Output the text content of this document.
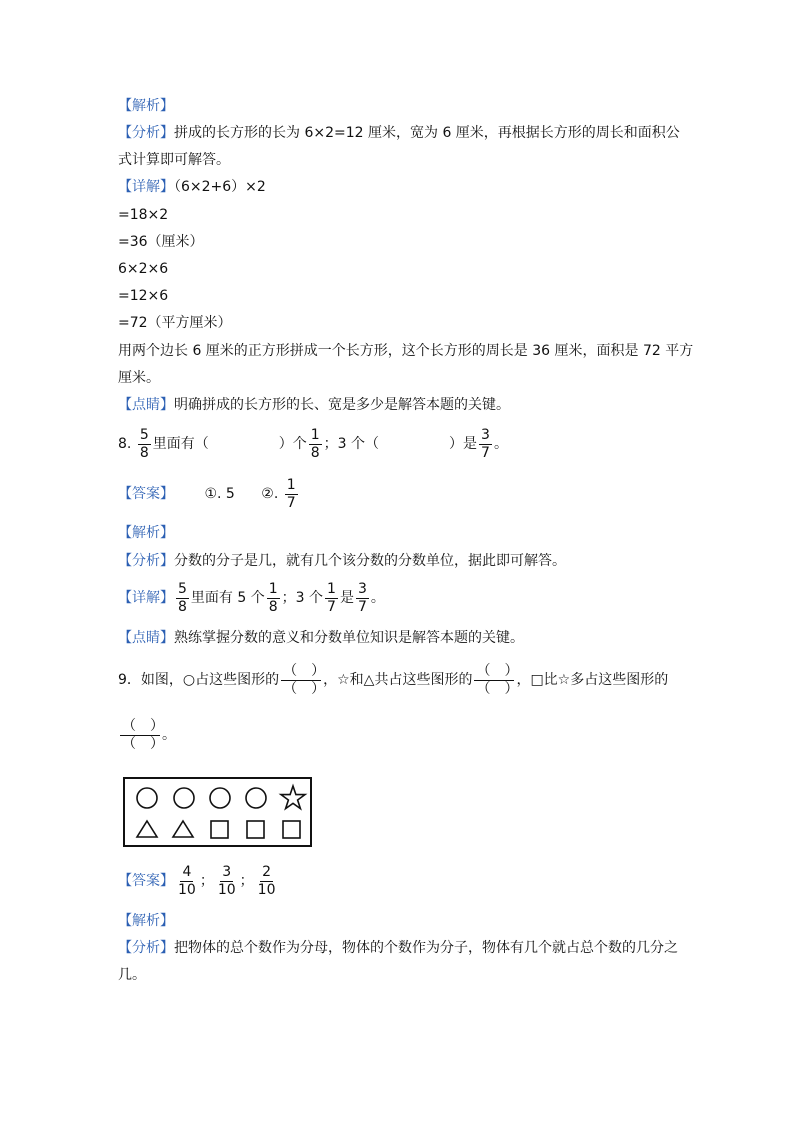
【解析】
【分析】拼成的长方形的长为 6×2=12 厘米，宽为 6 厘米，再根据长方形的周长和面积公
式计算即可解答。
【详解】（6×2+6）×2
=18×2
=36（厘米）
6×2×6
=12×6
=72（平方厘米）
用两个边长 6 厘米的正方形拼成一个长方形，这个长方形的周长是 36 厘米，面积是 72 平方
厘米。
【点睛】明确拼成的长方形的长、宽是多少是解答本题的关键。
8. $\frac{5}{8}$ 里面有（	）个 $\frac{1}{8}$ ；3 个（	）是 $\frac{3}{7}$ 。
【答案】 ①. 5 ②. $\frac{1}{7}$
【解析】
【分析】分数的分子是几，就有几个该分数的分数单位，据此即可解答。
【详解】 $\frac{5}{8}$ 里面有 5 个 $\frac{1}{8}$ ；3 个 $\frac{1}{7}$ 是 $\frac{3}{7}$ 。
【点睛】熟练掌握分数的意义和分数单位知识是解答本题的关键。
9．如图，○占这些图形的 $\frac{( )}{( )}$ ，☆和△共占这些图形的 $\frac{( )}{( )}$ ，□比☆多占这些图形的
$\frac{( )}{( )}$ 。
【答案】 $\frac{4}{10}$ ； $\frac{3}{10}$ ； $\frac{2}{10}$
【解析】
【分析】把物体的总个数作为分母，物体的个数作为分子，物体有几个就占总个数的几分之
几。
